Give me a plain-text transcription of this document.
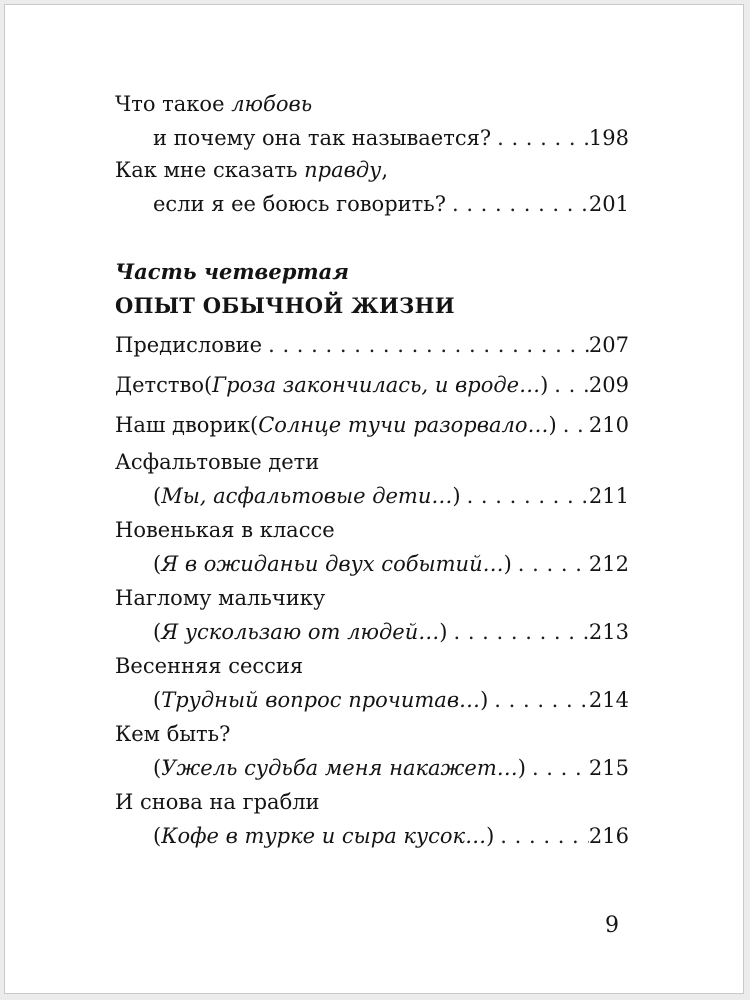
Что такое любовь
и почему она так называется? . . .	198
Как мне сказать правду,
если я ее боюсь говорить? . . .	201
Часть четвертая
ОПЫТ ОБЫЧНОЙ ЖИЗНИ
Предисловие . . .	207
Детство ( Гроза закончилась, и вроде… ) . . . 209
Наш дворик ( Солнце тучи разорвало… ) . . . 210
Асфальтовые дети
( Мы, асфальтовые дети… ) . . .	211
Новенькая в классе
( Я в ожиданьи двух событий… ) . . .	212
Наглому мальчику
( Я ускользаю от людей… ) . . .	213
Весенняя сессия
( Трудный вопрос прочитав… ) . . .	214
Кем быть?
( Ужель судьба меня накажет… ) . . .	215
И снова на грабли
( Кофе в турке и сыра кусок… ) . . .	216
9
